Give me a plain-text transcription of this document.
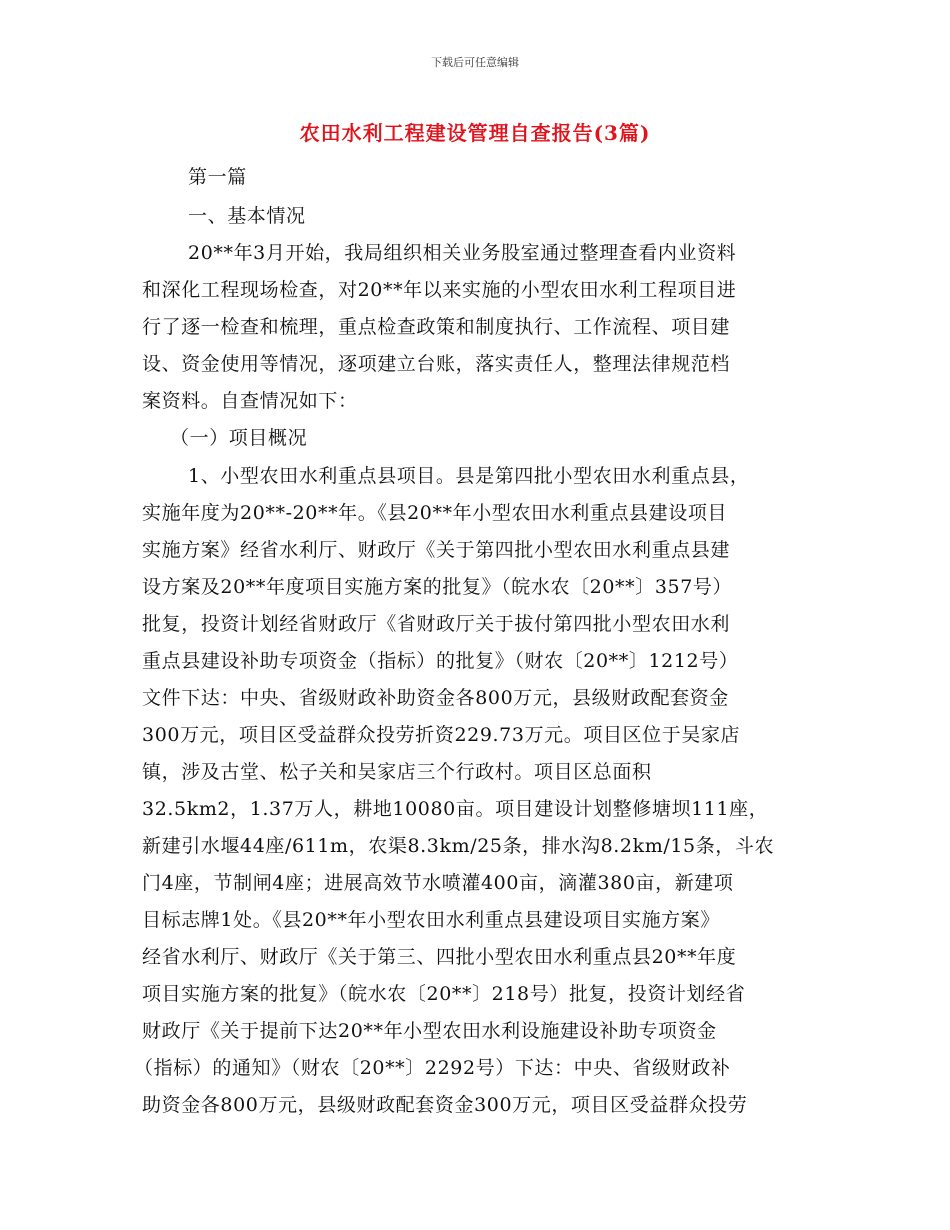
下载后可任意编辑
农田水利工程建设管理自查报告(3篇)
第一篇
一、基本情况
20**年3月开始，我局组织相关业务股室通过整理查看内业资料
和深化工程现场检查，对20**年以来实施的小型农田水利工程项目进
行了逐一检查和梳理，重点检查政策和制度执行、工作流程、项目建
设、资金使用等情况，逐项建立台账，落实责任人，整理法律规范档
案资料。自查情况如下：
（一）项目概况
1、小型农田水利重点县项目。县是第四批小型农田水利重点县，
实施年度为20**-20**年。《县20**年小型农田水利重点县建设项目
实施方案》经省水利厅、财政厅《关于第四批小型农田水利重点县建
设方案及20**年度项目实施方案的批复》（皖水农〔20**〕357号）
批复，投资计划经省财政厅《省财政厅关于拔付第四批小型农田水利
重点县建设补助专项资金（指标）的批复》（财农〔20**〕1212号）
文件下达：中央、省级财政补助资金各800万元，县级财政配套资金
300万元，项目区受益群众投劳折资229.73万元。项目区位于吴家店
镇，涉及古堂、松子关和吴家店三个行政村。项目区总面积
32.5km2，1.37万人，耕地10080亩。项目建设计划整修塘坝111座，
新建引水堰44座/611m，农渠8.3km/25条，排水沟8.2km/15条，斗农
门4座，节制闸4座；进展高效节水喷灌400亩，滴灌380亩，新建项
目标志牌1处。《县20**年小型农田水利重点县建设项目实施方案》
经省水利厅、财政厅《关于第三、四批小型农田水利重点县20**年度
项目实施方案的批复》（皖水农〔20**〕218号）批复，投资计划经省
财政厅《关于提前下达20**年小型农田水利设施建设补助专项资金
（指标）的通知》（财农〔20**〕2292号）下达：中央、省级财政补
助资金各800万元，县级财政配套资金300万元，项目区受益群众投劳
